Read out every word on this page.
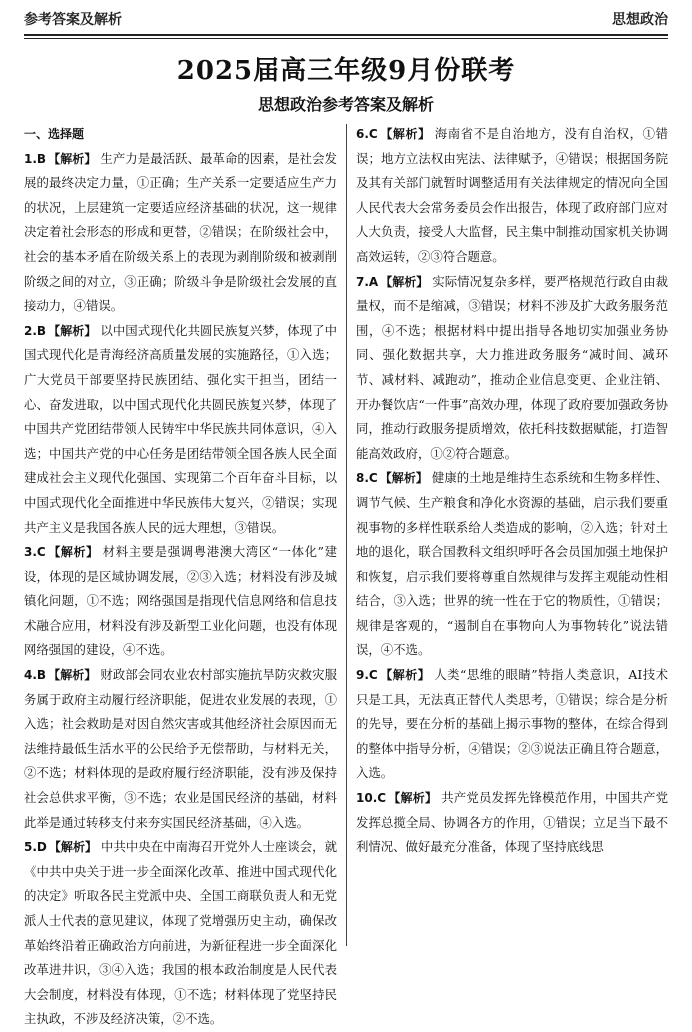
参考答案及解析	思想政治
2025届高三年级9月份联考
思想政治参考答案及解析
一、选择题

1.B 【解析】 生产力是最活跃、最革命的因素，是社会发展的最终决定力量，①正确；生产关系一定要适应生产力的状况，上层建筑一定要适应经济基础的状况，这一规律决定着社会形态的形成和更替，②错误；在阶级社会中，社会的基本矛盾在阶级关系上的表现为剥削阶级和被剥削阶级之间的对立，③正确；阶级斗争是阶级社会发展的直接动力，④错误。

2.B 【解析】 以中国式现代化共圆民族复兴梦，体现了中国式现代化是青海经济高质量发展的实施路径，①入选；广大党员干部要坚持民族团结、强化实干担当，团结一心、奋发进取，以中国式现代化共圆民族复兴梦，体现了中国共产党团结带领人民铸牢中华民族共同体意识，④入选；中国共产党的中心任务是团结带领全国各族人民全面建成社会主义现代化强国、实现第二个百年奋斗目标，以中国式现代化全面推进中华民族伟大复兴，②错误；实现共产主义是我国各族人民的远大理想，③错误。

3.C 【解析】 材料主要是强调粤港澳大湾区“一体化”建设，体现的是区域协调发展，②③入选；材料没有涉及城镇化问题，①不选；网络强国是指现代信息网络和信息技术融合应用，材料没有涉及新型工业化问题，也没有体现网络强国的建设，④不选。

4.B 【解析】 财政部会同农业农村部实施抗旱防灾救灾服务属于政府主动履行经济职能，促进农业发展的表现，①入选；社会救助是对因自然灾害或其他经济社会原因而无法维持最低生活水平的公民给予无偿帮助，与材料无关，②不选；材料体现的是政府履行经济职能，没有涉及保持社会总供求平衡，③不选；农业是国民经济的基础，材料此举是通过转移支付来夯实国民经济基础，④入选。

5.D 【解析】 中共中央在中南海召开党外人士座谈会，就《中共中央关于进一步全面深化改革、推进中国式现代化的决定》听取各民主党派中央、全国工商联负责人和无党派人士代表的意见建议，体现了党增强历史主动，确保改革始终沿着正确政治方向前进，为新征程进一步全面深化改革进井识，③④入选；我国的根本政治制度是人民代表大会制度，材料没有体现，①不选；材料体现了党坚持民主执政，不涉及经济决策，②不选。

6.C 【解析】 海南省不是自治地方，没有自治权，①错误；地方立法权由宪法、法律赋予，④错误；根据国务院及其有关部门就暂时调整适用有关法律规定的情况向全国人民代表大会常务委员会作出报告，体现了政府部门应对人大负责，接受人大监督，民主集中制推动国家机关协调高效运转，②③符合题意。

7.A 【解析】 实际情况复杂多样，要严格规范行政自由裁量权，而不是缩减，③错误；材料不涉及扩大政务服务范围，④不选；根据材料中提出指导各地切实加强业务协同、强化数据共享，大力推进政务服务“减时间、减环节、减材料、减跑动”，推动企业信息变更、企业注销、开办餐饮店“一件事”高效办理，体现了政府要加强政务协同，推动行政服务提质增效，依托科技数据赋能，打造智能高效政府，①②符合题意。

8.C 【解析】 健康的土地是维持生态系统和生物多样性、调节气候、生产粮食和净化水资源的基础，启示我们要重视事物的多样性联系给人类造成的影响，②入选；针对土地的退化，联合国教科文组织呼吁各会员国加强土地保护和恢复，启示我们要将尊重自然规律与发挥主观能动性相结合，③入选；世界的统一性在于它的物质性，①错误；规律是客观的，“遏制自在事物向人为事物转化”说法错误，④不选。

9.C 【解析】 人类“思维的眼睛”特指人类意识，AI技术只是工具，无法真正替代人类思考，①错误；综合是分析的先导，要在分析的基础上揭示事物的整体，在综合得到的整体中指导分析，④错误；②③说法正确且符合题意，入选。

10.C 【解析】 共产党员发挥先锋模范作用，中国共产党发挥总揽全局、协调各方的作用，①错误；立足当下最不利情况、做好最充分准备，体现了坚持底线思
